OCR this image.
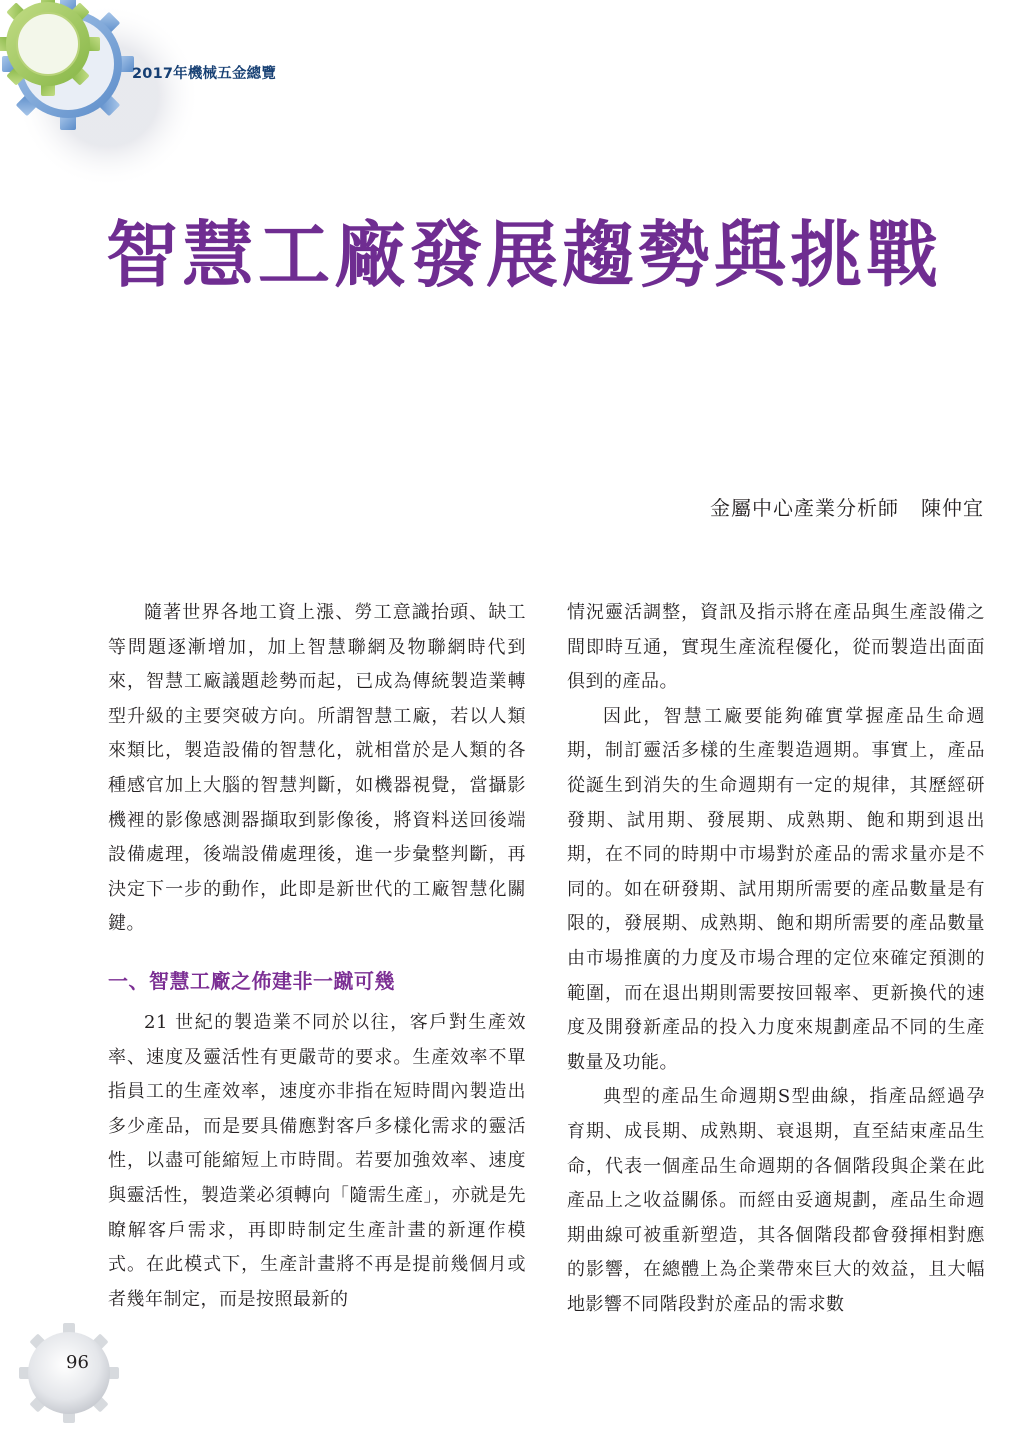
2017年機械五金總覽
智慧工廠發展趨勢與挑戰
金屬中心產業分析師 陳仲宜

隨著世界各地工資上漲、勞工意識抬頭、缺工等問題逐漸增加，加上智慧聯網及物聯網時代到來，智慧工廠議題趁勢而起，已成為傳統製造業轉型升級的主要突破方向。所謂智慧工廠，若以人類來類比，製造設備的智慧化，就相當於是人類的各種感官加上大腦的智慧判斷，如機器視覺，當攝影機裡的影像感測器擷取到影像後，將資料送回後端設備處理，後端設備處理後，進一步彙整判斷，再決定下一步的動作，此即是新世代的工廠智慧化關鍵。

一、智慧工廠之佈建非一蹴可幾

21 世紀的製造業不同於以往，客戶對生產效率、速度及靈活性有更嚴苛的要求。生產效率不單指員工的生產效率，速度亦非指在短時間內製造出多少產品，而是要具備應對客戶多樣化需求的靈活性，以盡可能縮短上市時間。若要加強效率、速度與靈活性，製造業必須轉向「隨需生產」，亦就是先瞭解客戶需求，再即時制定生產計畫的新運作模式。在此模式下，生產計畫將不再是提前幾個月或者幾年制定，而是按照最新的

情況靈活調整，資訊及指示將在產品與生產設備之間即時互通，實現生產流程優化，從而製造出面面俱到的產品。

因此，智慧工廠要能夠確實掌握產品生命週期，制訂靈活多樣的生產製造週期。事實上，產品從誕生到消失的生命週期有一定的規律，其歷經研發期、試用期、發展期、成熟期、飽和期到退出期，在不同的時期中市場對於產品的需求量亦是不同的。如在研發期、試用期所需要的產品數量是有限的，發展期、成熟期、飽和期所需要的產品數量由市場推廣的力度及市場合理的定位來確定預測的範圍，而在退出期則需要按回報率、更新換代的速度及開發新產品的投入力度來規劃產品不同的生產數量及功能。

典型的產品生命週期S型曲線，指產品經過孕育期、成長期、成熟期、衰退期，直至結束產品生命，代表一個產品生命週期的各個階段與企業在此產品上之收益關係。而經由妥適規劃，產品生命週期曲線可被重新塑造，其各個階段都會發揮相對應的影響，在總體上為企業帶來巨大的效益，且大幅地影響不同階段對於產品的需求數

96
